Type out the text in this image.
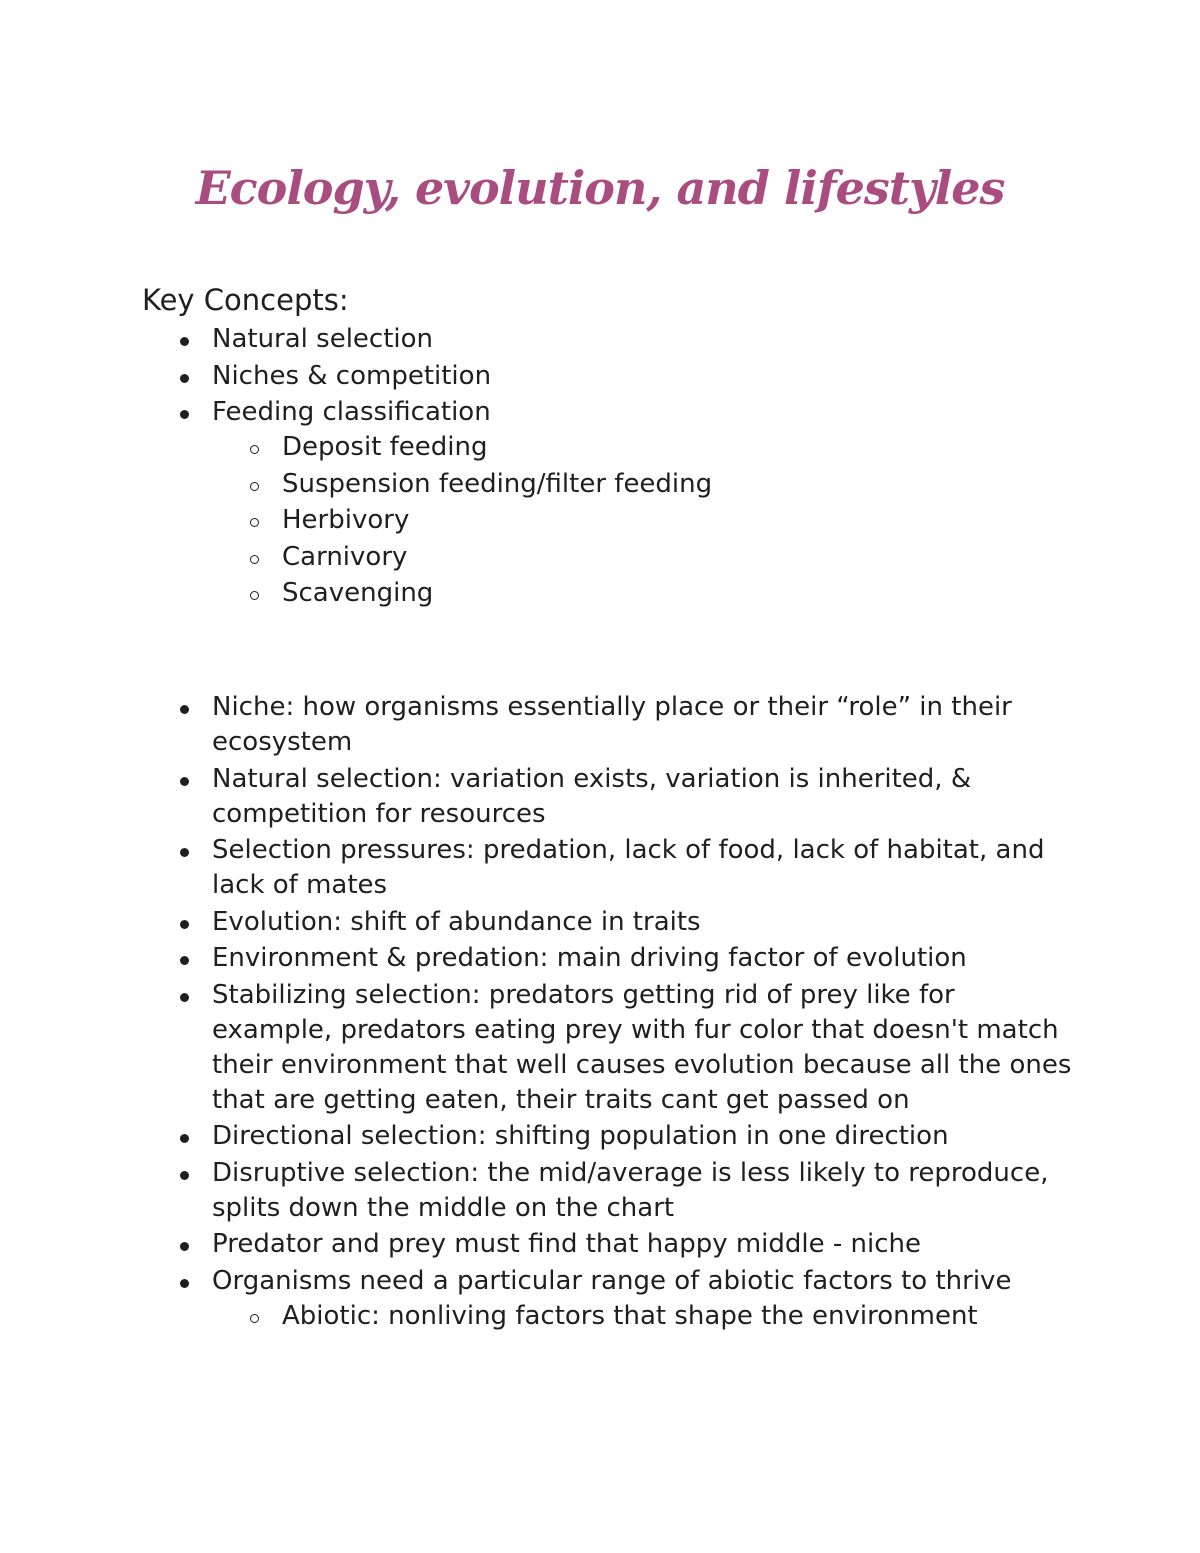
Ecology, evolution, and lifestyles
Key Concepts:
Natural selection
Niches & competition
Feeding classification
Deposit feeding
Suspension feeding/filter feeding
Herbivory
Carnivory
Scavenging
Niche: how organisms essentially place or their “role” in their ecosystem
Natural selection: variation exists, variation is inherited, & competition for resources
Selection pressures: predation, lack of food, lack of habitat, and lack of mates
Evolution: shift of abundance in traits
Environment & predation: main driving factor of evolution
Stabilizing selection: predators getting rid of prey like for example, predators eating prey with fur color that doesn't match their environment that well causes evolution because all the ones that are getting eaten, their traits cant get passed on
Directional selection: shifting population in one direction
Disruptive selection: the mid/average is less likely to reproduce, splits down the middle on the chart
Predator and prey must find that happy middle - niche
Organisms need a particular range of abiotic factors to thrive
Abiotic: nonliving factors that shape the environment
